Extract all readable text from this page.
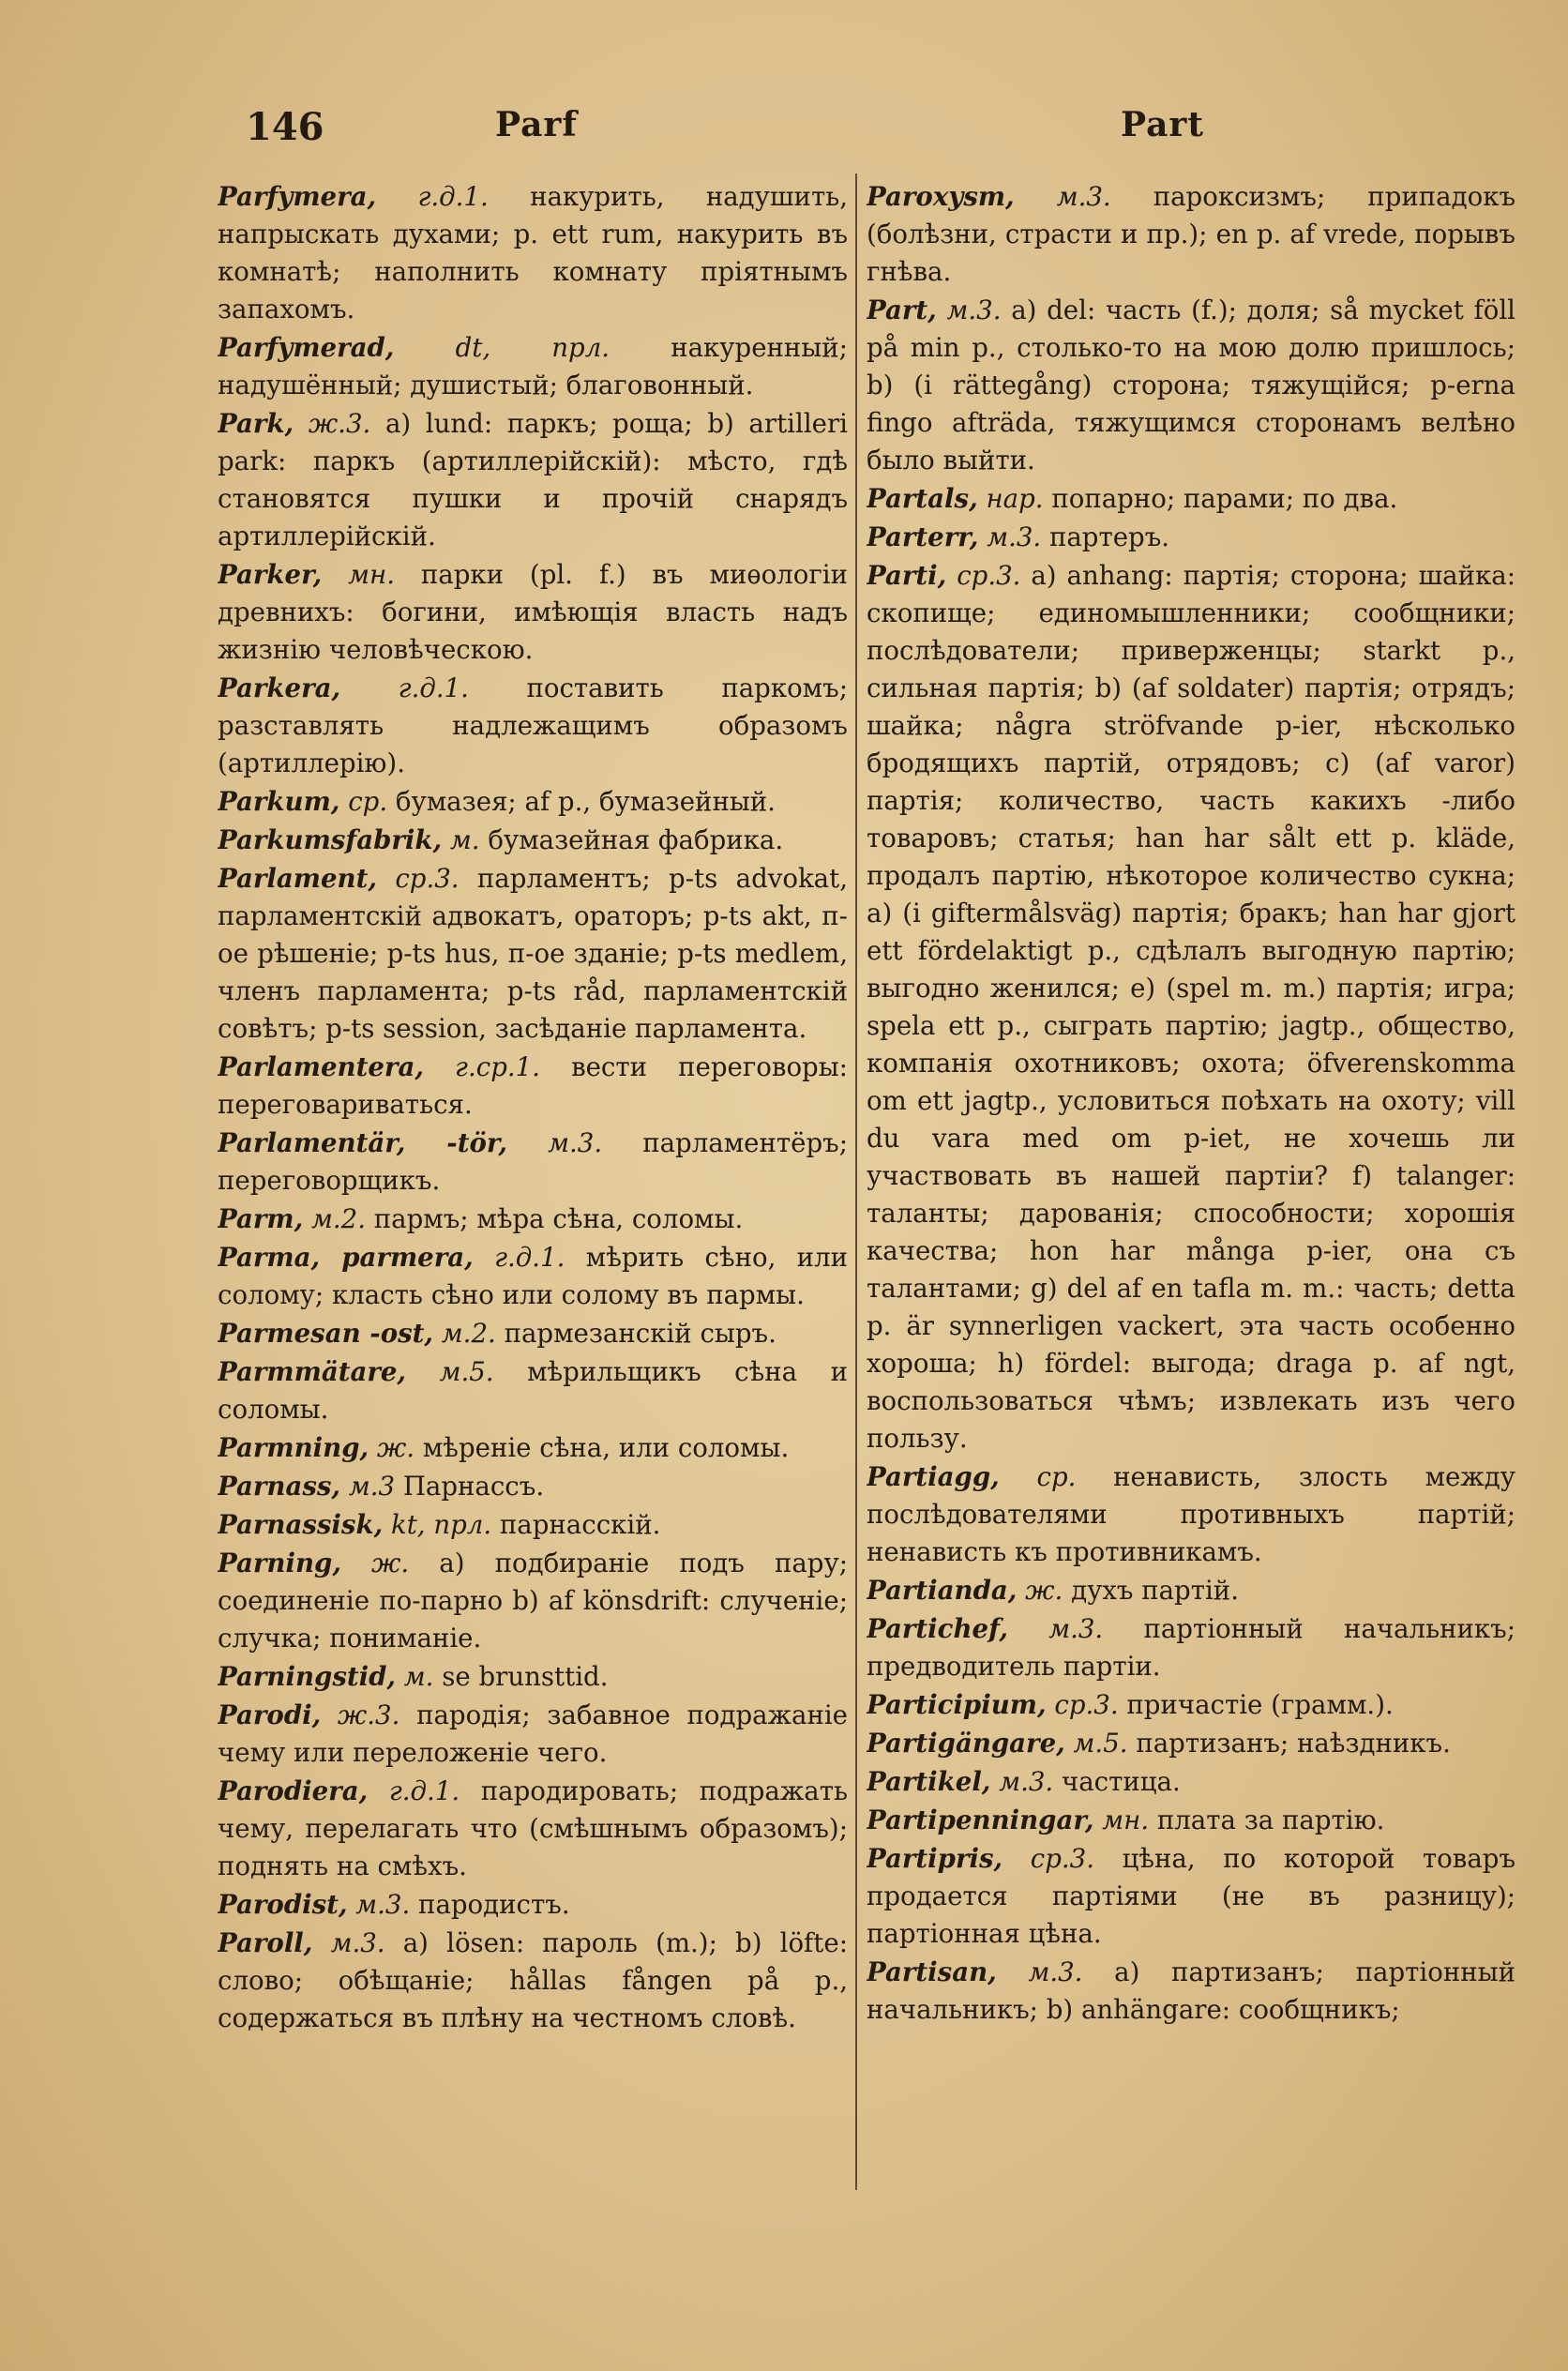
146	Parf	Part

Parfymera, г.д.1. накурить, надушить, напрыскать духами; p. ett rum, накурить въ комнатѣ; наполнить комнату пріятнымъ запахомъ.

Parfymerad, dt, прл. накуренный; надушённый; душистый; благовонный.

Park, ж.3. a) lund: паркъ; роща; b) artilleri park: паркъ (артиллерійскій): мѣсто, гдѣ становятся пушки и прочій снарядъ артиллерійскій.

Parker, мн. парки (pl. f.) въ миѳологіи древнихъ: богини, имѣющія власть надъ жизнію человѣческою.

Parkera, г.д.1. поставить паркомъ; разставлять надлежащимъ образомъ (артиллерію).

Parkum, ср. бумазея; af p., бумазейный.

Parkumsfabrik, м. бумазейная фабрика.

Parlament, ср.3. парламентъ; p-ts advokat, парламентскій адвокатъ, ораторъ; p-ts akt, п-ое рѣшеніе; p-ts hus, п-ое зданіе; p-ts medlem, членъ парламента; p-ts råd, парламентскій совѣтъ; p-ts session, засѣданіе парламента.

Parlamentera, г.ср.1. вести переговоры: переговариваться.

Parlamentär, -tör, м.3. парламентёръ; переговорщикъ.

Parm, м.2. пармъ; мѣра сѣна, соломы.

Parma, parmera, г.д.1. мѣрить сѣно, или солому; класть сѣно или солому въ пармы.

Parmesan -ost, м.2. пармезанскій сыръ.

Parmmätare, м.5. мѣрильщикъ сѣна и соломы.

Parmning, ж. мѣреніе сѣна, или соломы.

Parnass, м.3 Парнассъ.

Parnassisk, kt, прл. парнасскій.

Parning, ж. a) подбираніе подъ пару; соединеніе по-парно b) af könsdrift: слученіе; случка; пониманіе.

Parningstid, м. se brunsttid.

Parodi, ж.3. пародія; забавное подражаніе чему или переложеніе чего.

Parodiera, г.д.1. пародировать; подражать чему, перелагать что (смѣшнымъ образомъ); поднять на смѣхъ.

Parodist, м.3. пародистъ.

Paroll, м.3. a) lösen: пароль (m.); b) löfte: слово; обѣщаніе; hållas fången på p., содержаться въ плѣну на честномъ словѣ.

Paroxysm, м.3. пароксизмъ; припадокъ (болѣзни, страсти и пр.); en p. af vrede, порывъ гнѣва.

Part, м.3. a) del: часть (f.); доля; så mycket föll på min p., столько-то на мою долю пришлось; b) (i rättegång) сторона; тяжущійся; p-erna fingo afträda, тяжущимся сторонамъ велѣно было выйти.

Partals, нар. попарно; парами; по два.

Parterr, м.3. партеръ.

Parti, ср.3. a) anhang: партія; сторона; шайка: скопище; единомышленники; сообщники; послѣдователи; приверженцы; starkt p., сильная партія; b) (af soldater) партія; отрядъ; шайка; några ströfvande p-ier, нѣсколько бродящихъ партій, отрядовъ; c) (af varor) партія; количество, часть какихъ -либо товаровъ; статья; han har sålt ett p. kläde, продалъ партію, нѣкоторое количество сукна; a) (i giftermålsväg) партія; бракъ; han har gjort ett fördelaktigt p., сдѣлалъ выгодную партію; выгодно женился; e) (spel m. m.) партія; игра; spela ett p., сыграть партію; jagtp., общество, компанія охотниковъ; охота; öfverenskomma om ett jagtp., условиться поѣхать на охоту; vill du vara med om p-iet, не хочешь ли участвовать въ нашей партіи? f) talanger: таланты; дарованія; способности; хорошія качества; hon har många p-ier, она съ талантами; g) del af en tafla m. m.: часть; detta p. är synnerligen vackert, эта часть особенно хороша; h) fördel: выгода; draga p. af ngt, воспользоваться чѣмъ; извлекать изъ чего пользу.

Partiagg, ср. ненависть, злость между послѣдователями противныхъ партій; ненависть къ противникамъ.

Partianda, ж. духъ партій.

Partichef, м.3. партіонный начальникъ; предводитель партіи.

Participium, ср.3. причастіе (грамм.).

Partigängare, м.5. партизанъ; наѣздникъ.

Partikel, м.3. частица.

Partipenningar, мн. плата за партію.

Partipris, ср.3. цѣна, по которой товаръ продается партіями (не въ разницу); партіонная цѣна.

Partisan, м.3. a) партизанъ; партіонный начальникъ; b) anhängare: сообщникъ;
